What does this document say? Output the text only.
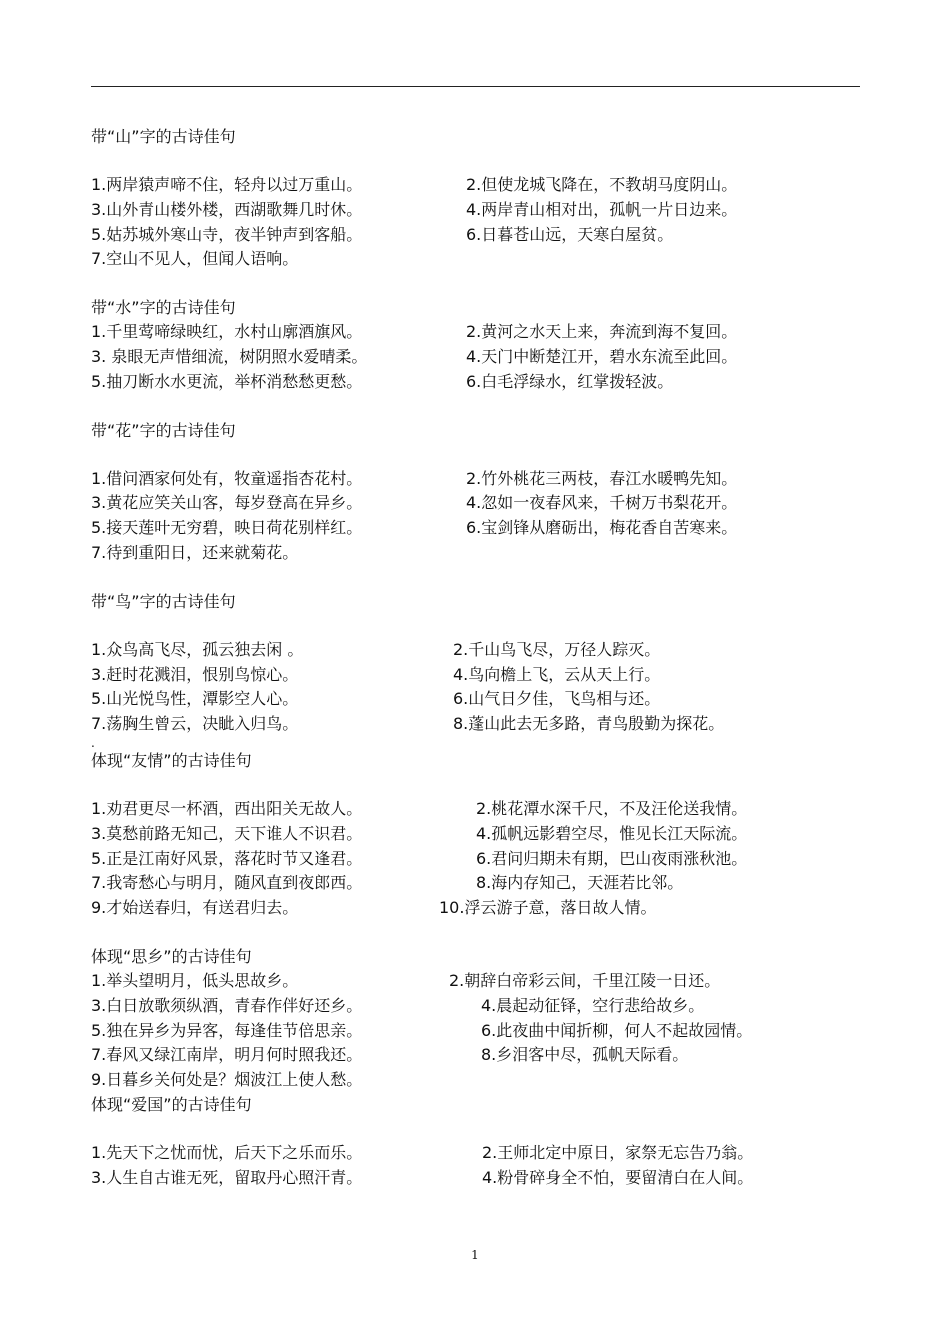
带“山”字的古诗佳句
1.两岸猿声啼不住，轻舟以过万重山。	2.但使龙城飞降在，不教胡马度阴山。
3.山外青山楼外楼，西湖歌舞几时休。	4.两岸青山相对出，孤帆一片日边来。
5.姑苏城外寒山寺，夜半钟声到客船。	6.日暮苍山远，天寒白屋贫。
7.空山不见人，但闻人语响。
带“水”字的古诗佳句
1.千里莺啼绿映红，水村山廓酒旗风。	2.黄河之水天上来，奔流到海不复回。
3. 泉眼无声惜细流，树阴照水爱晴柔。	4.天门中断楚江开，碧水东流至此回。
5.抽刀断水水更流，举杯消愁愁更愁。	6.白毛浮绿水，红掌拨轻波。
带“花”字的古诗佳句
1.借问酒家何处有，牧童遥指杏花村。	2.竹外桃花三两枝，春江水暖鸭先知。
3.黄花应笑关山客，每岁登高在异乡。	4.忽如一夜春风来，千树万书梨花开。
5.接天莲叶无穷碧，映日荷花别样红。	6.宝剑锋从磨砺出，梅花香自苦寒来。
7.待到重阳日，还来就菊花。
带“鸟”字的古诗佳句
1.众鸟高飞尽，孤云独去闲 。	2.千山鸟飞尽，万径人踪灭。
3.赶时花溅泪，恨别鸟惊心。	4.鸟向檐上飞，云从天上行。
5.山光悦鸟性，潭影空人心。	6.山气日夕佳，飞鸟相与还。
7.荡胸生曾云，决眦入归鸟。	8.蓬山此去无多路，青鸟殷勤为探花。
.
体现“友情”的古诗佳句
1.劝君更尽一杯酒，西出阳关无故人。	2.桃花潭水深千尺，不及汪伦送我情。
3.莫愁前路无知己，天下谁人不识君。	4.孤帆远影碧空尽，惟见长江天际流。
5.正是江南好风景，落花时节又逢君。	6.君问归期未有期，巴山夜雨涨秋池。
7.我寄愁心与明月，随风直到夜郎西。	8.海内存知己，天涯若比邻。
9.才始送春归，有送君归去。	10.浮云游子意，落日故人情。
体现“思乡”的古诗佳句
1.举头望明月，低头思故乡。	2.朝辞白帝彩云间，千里江陵一日还。
3.白日放歌须纵酒，青春作伴好还乡。	4.晨起动征铎，空行悲给故乡。
5.独在异乡为异客，每逢佳节倍思亲。	6.此夜曲中闻折柳，何人不起故园情。
7.春风又绿江南岸，明月何时照我还。	8.乡泪客中尽，孤帆天际看。
9.日暮乡关何处是？烟波江上使人愁。
体现“爱国”的古诗佳句
1.先天下之忧而忧，后天下之乐而乐。	2.王师北定中原日，家祭无忘告乃翁。
3.人生自古谁无死，留取丹心照汗青。	4.粉骨碎身全不怕，要留清白在人间。
1
